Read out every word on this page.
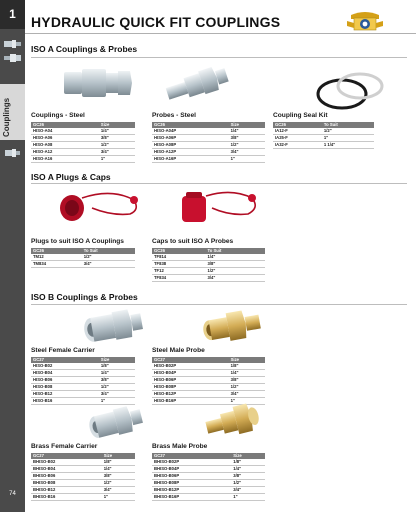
1
Couplings
74
HYDRAULIC QUICK FIT COUPLINGS
ISO A Couplings & Probes
Couplings - Steel
GC26	Size
HISO-A04	1/4"
HISO-A06	3/8"
HISO-A08	1/2"
HISO-A12	3/4"
HISO-A16	1"
Probes - Steel
GC26	Size
HISO-A04P	1/4"
HISO-A06P	3/8"
HISO-A08P	1/2"
HISO-A12P	3/4"
HISO-A16P	1"
Coupling Seal Kit
GC26	To Suit
IA12-F	1/2"
IA25-F	1"
IA32-F	1 1/4"
ISO A Plugs & Caps
Plugs to suit ISO A Couplings
GC26	To Suit
TM12	1/2"
TM834	3/4"
Caps to suit ISO A Probes
GC26	To Suit
TF814	1/4"
TF838	3/8"
TF12	1/2"
TF834	3/4"
ISO B Couplings & Probes
Steel Female Carrier
GC27	Size
HISO-B02	1/8"
HISO-B04	1/4"
HISO-B06	3/8"
HISO-B08	1/2"
HISO-B12	3/4"
HISO-B16	1"
Steel Male Probe
GC27	Size
HISO-B02P	1/8"
HISO-B04P	1/4"
HISO-B06P	3/8"
HISO-B08P	1/2"
HISO-B12P	3/4"
HISO-B16P	1"
Brass Female Carrier
GC27	Size
BHISO-B02	1/8"
BHISO-B04	1/4"
BHISO-B06	3/8"
BHISO-B08	1/2"
BHISO-B12	3/4"
BHISO-B16	1"
Brass Male Probe
GC27	Size
BHISO-B02P	1/8"
BHISO-B04P	1/4"
BHISO-B06P	3/8"
BHISO-B08P	1/2"
BHISO-B12P	3/4"
BHISO-B16P	1"
